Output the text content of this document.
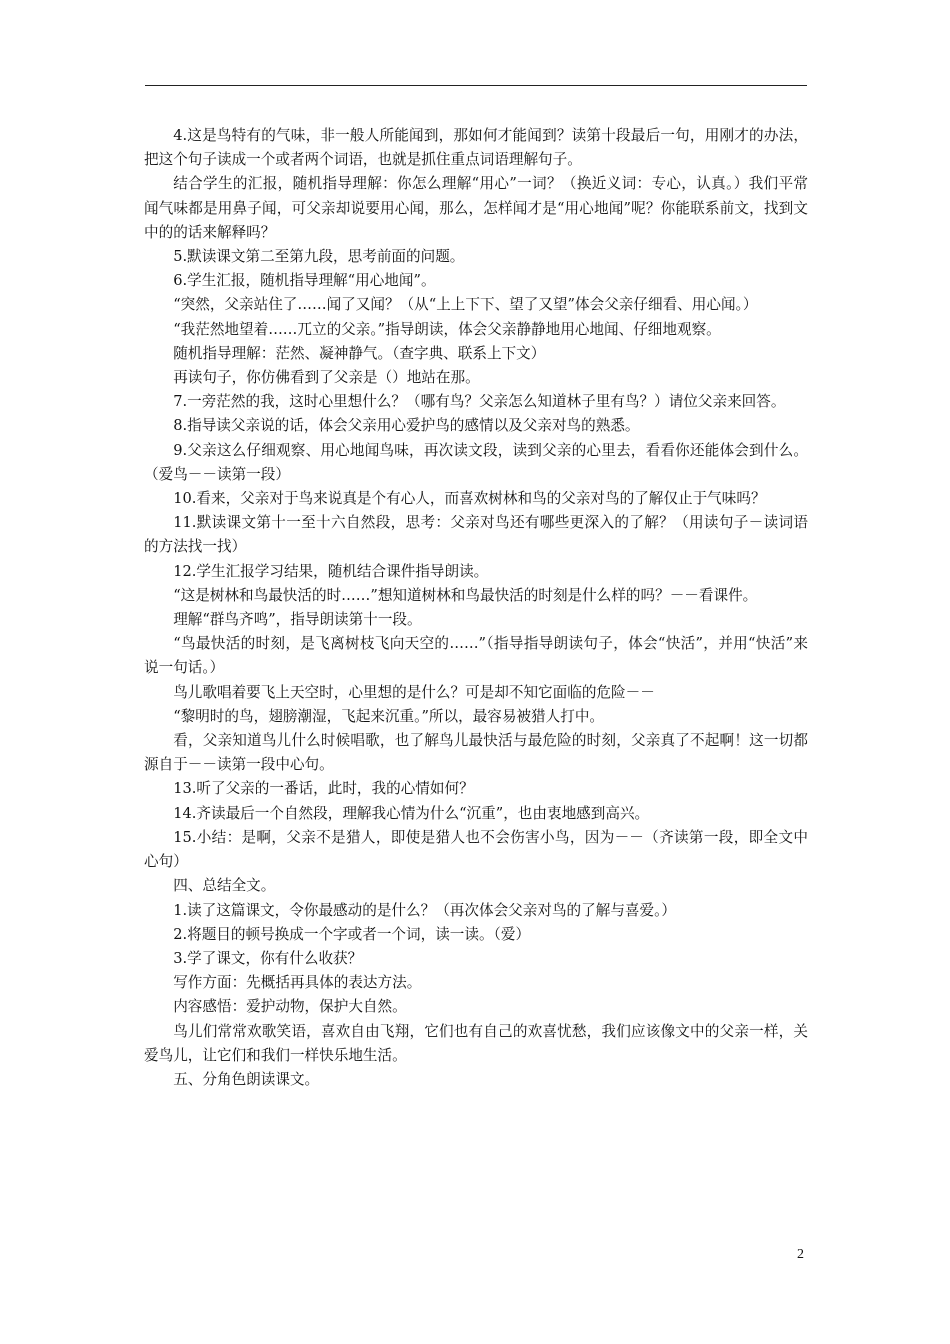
4.这是鸟特有的气味，非一般人所能闻到，那如何才能闻到？读第十段最后一句，用刚才的办法，把这个句子读成一个或者两个词语，也就是抓住重点词语理解句子。

结合学生的汇报，随机指导理解：你怎么理解“用心”一词？（换近义词：专心，认真。）我们平常闻气味都是用鼻子闻，可父亲却说要用心闻，那么，怎样闻才是“用心地闻”呢？你能联系前文，找到文中的的话来解释吗？

5.默读课文第二至第九段，思考前面的问题。

6.学生汇报，随机指导理解“用心地闻”。

“突然，父亲站住了……闻了又闻？（从“上上下下、望了又望”体会父亲仔细看、用心闻。）

“我茫然地望着……兀立的父亲。”指导朗读，体会父亲静静地用心地闻、仔细地观察。

随机指导理解：茫然、凝神静气。（查字典、联系上下文）

再读句子，你仿佛看到了父亲是（）地站在那。

7.一旁茫然的我，这时心里想什么？（哪有鸟？父亲怎么知道林子里有鸟？）请位父亲来回答。

8.指导读父亲说的话，体会父亲用心爱护鸟的感情以及父亲对鸟的熟悉。

9.父亲这么仔细观察、用心地闻鸟味，再次读文段，读到父亲的心里去，看看你还能体会到什么。（爱鸟－－读第一段）

10.看来，父亲对于鸟来说真是个有心人，而喜欢树林和鸟的父亲对鸟的了解仅止于气味吗？

11.默读课文第十一至十六自然段，思考：父亲对鸟还有哪些更深入的了解？（用读句子－读词语的方法找一找）

12.学生汇报学习结果，随机结合课件指导朗读。

“这是树林和鸟最快活的时……”想知道树林和鸟最快活的时刻是什么样的吗？－－看课件。

理解“群鸟齐鸣”，指导朗读第十一段。

“鸟最快活的时刻，是飞离树枝飞向天空的……”（指导指导朗读句子，体会“快活”，并用“快活”来说一句话。）

鸟儿歌唱着要飞上天空时，心里想的是什么？可是却不知它面临的危险－－

“黎明时的鸟，翅膀潮湿，飞起来沉重。”所以，最容易被猎人打中。

看，父亲知道鸟儿什么时候唱歌，也了解鸟儿最快活与最危险的时刻，父亲真了不起啊！这一切都源自于－－读第一段中心句。

13.听了父亲的一番话，此时，我的心情如何？

14.齐读最后一个自然段，理解我心情为什么“沉重”，也由衷地感到高兴。

15.小结：是啊，父亲不是猎人，即使是猎人也不会伤害小鸟，因为－－（齐读第一段，即全文中心句）

四、总结全文。

1.读了这篇课文，令你最感动的是什么？（再次体会父亲对鸟的了解与喜爱。）

2.将题目的顿号换成一个字或者一个词，读一读。（爱）

3.学了课文，你有什么收获？

写作方面：先概括再具体的表达方法。

内容感悟：爱护动物，保护大自然。

鸟儿们常常欢歌笑语，喜欢自由飞翔，它们也有自己的欢喜忧愁，我们应该像文中的父亲一样，关爱鸟儿，让它们和我们一样快乐地生活。

五、分角色朗读课文。

2
